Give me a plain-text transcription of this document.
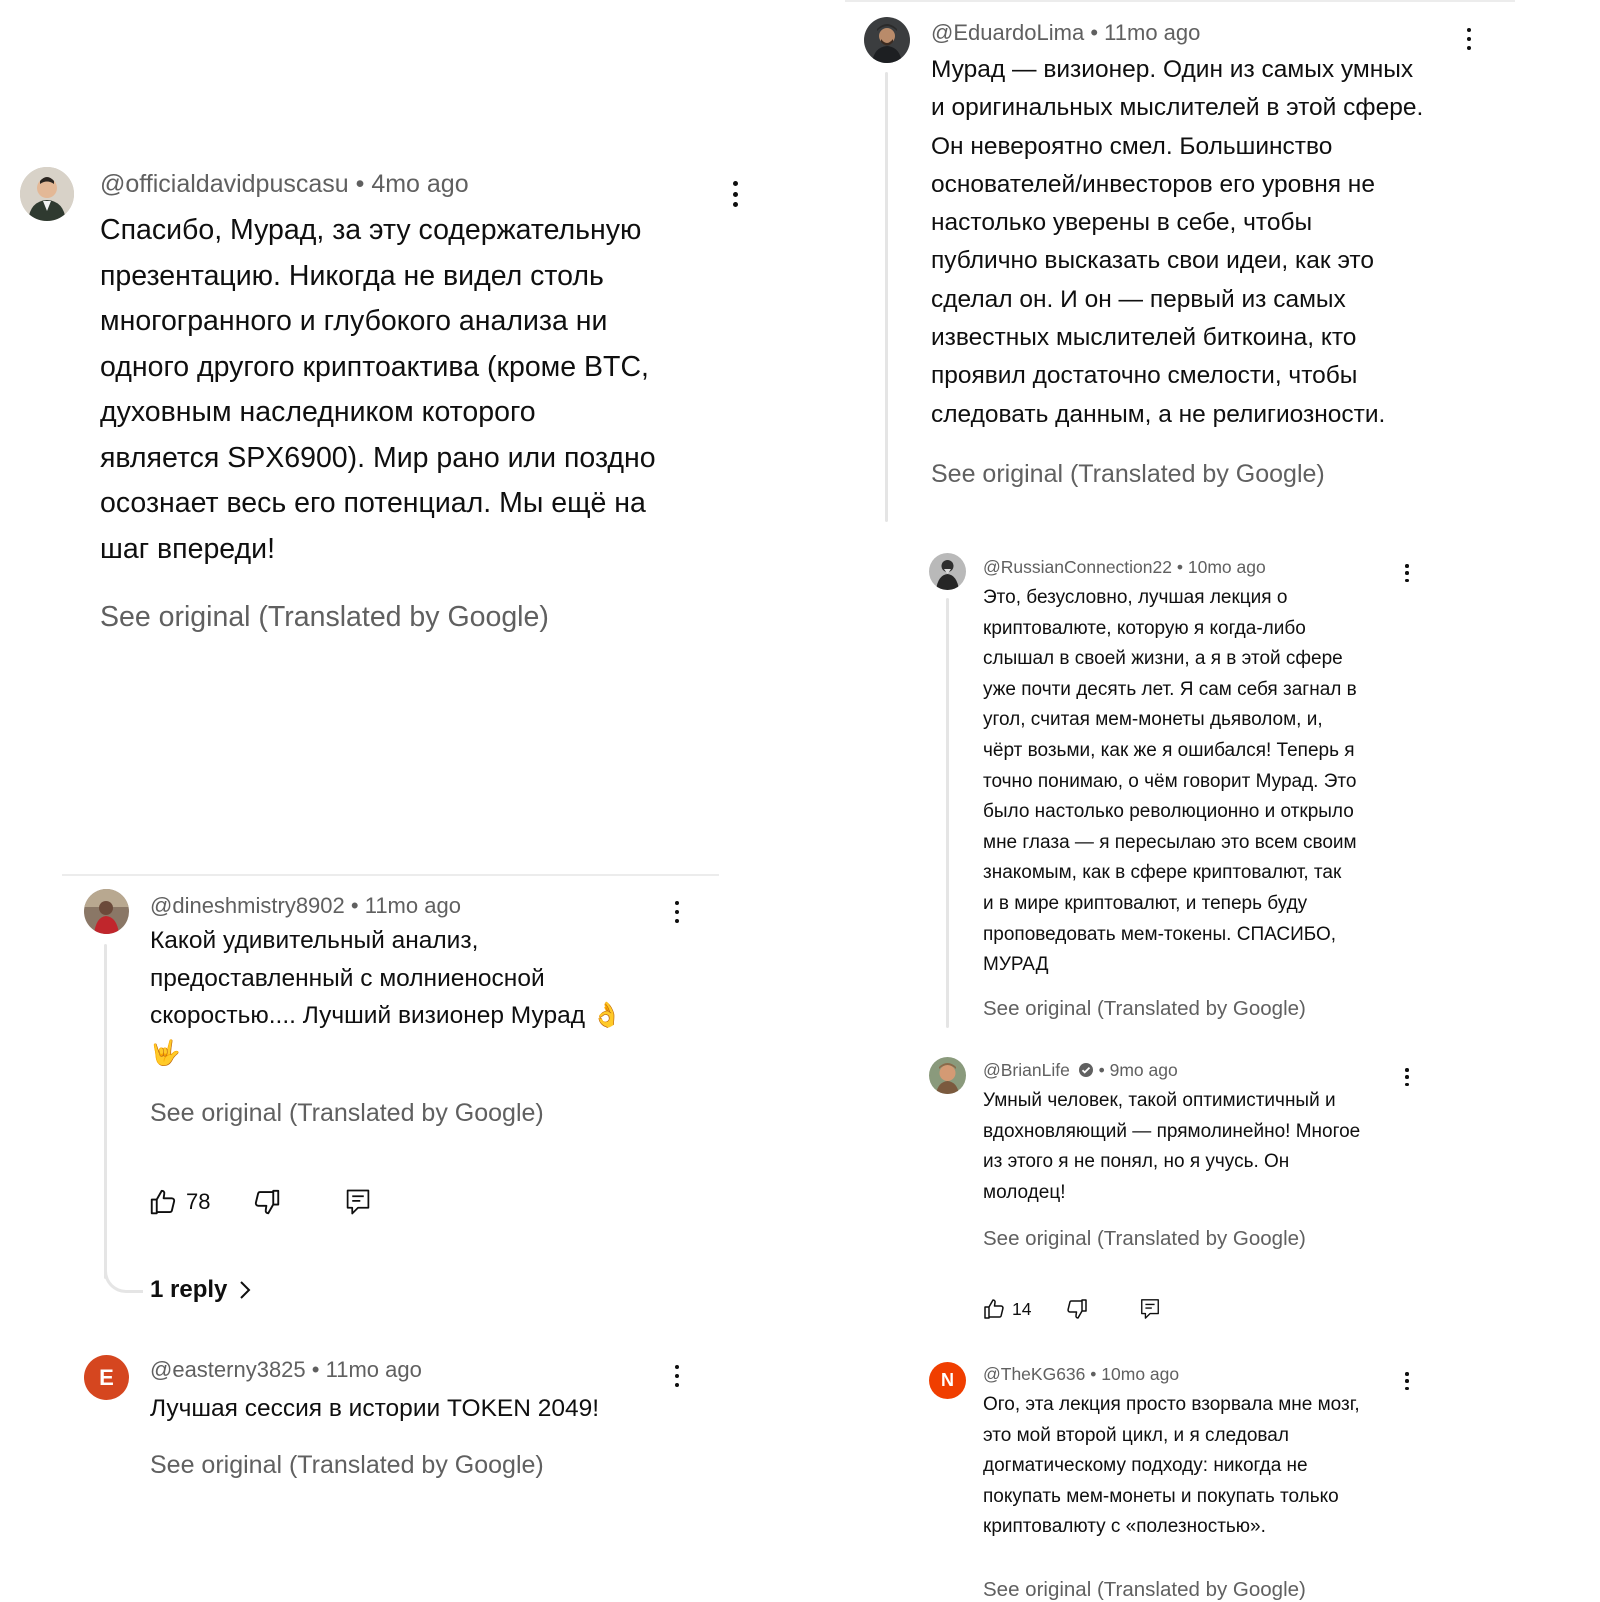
@officialdavidpuscasu • 4mo ago
Спасибо, Мурад, за эту содержательную
презентацию. Никогда не видел столь
многогранного и глубокого анализа ни
одного другого криптоактива (кроме BTC,
духовным наследником которого
является SPX6900). Мир рано или поздно
осознает весь его потенциал. Мы ещё на
шаг впереди!
See original (Translated by Google)
@dineshmistry8902 • 11mo ago
Какой удивительный анализ,
предоставленный с молниеносной
скоростью.... Лучший визионер Мурад 👌
🤟
See original (Translated by Google)
78
1 reply
E @easterny3825 • 11mo ago
Лучшая сессия в истории TOKEN 2049!
See original (Translated by Google)
@EduardoLima • 11mo ago
Мурад — визионер. Один из самых умных
и оригинальных мыслителей в этой сфере.
Он невероятно смел. Большинство
основателей/инвесторов его уровня не
настолько уверены в себе, чтобы
публично высказать свои идеи, как это
сделал он. И он — первый из самых
известных мыслителей биткоина, кто
проявил достаточно смелости, чтобы
следовать данным, а не религиозности.
See original (Translated by Google)
@RussianConnection22 • 10mo ago
Это, безусловно, лучшая лекция о
криптовалюте, которую я когда-либо
слышал в своей жизни, а я в этой сфере
уже почти десять лет. Я сам себя загнал в
угол, считая мем-монеты дьяволом, и,
чёрт возьми, как же я ошибался! Теперь я
точно понимаю, о чём говорит Мурад. Это
было настолько революционно и открыло
мне глаза — я пересылаю это всем своим
знакомым, как в сфере криптовалют, так
и в мире криптовалют, и теперь буду
проповедовать мем-токены. СПАСИБО,
МУРАД
See original (Translated by Google)
@BrianLife  • 9mo ago
Умный человек, такой оптимистичный и
вдохновляющий — прямолинейно! Многое
из этого я не понял, но я учусь. Он
молодец!
See original (Translated by Google)
14
N @TheKG636 • 10mo ago
Ого, эта лекция просто взорвала мне мозг,
это мой второй цикл, и я следовал
догматическому подходу: никогда не
покупать мем-монеты и покупать только
криптовалюту с «полезностью».
See original (Translated by Google)
